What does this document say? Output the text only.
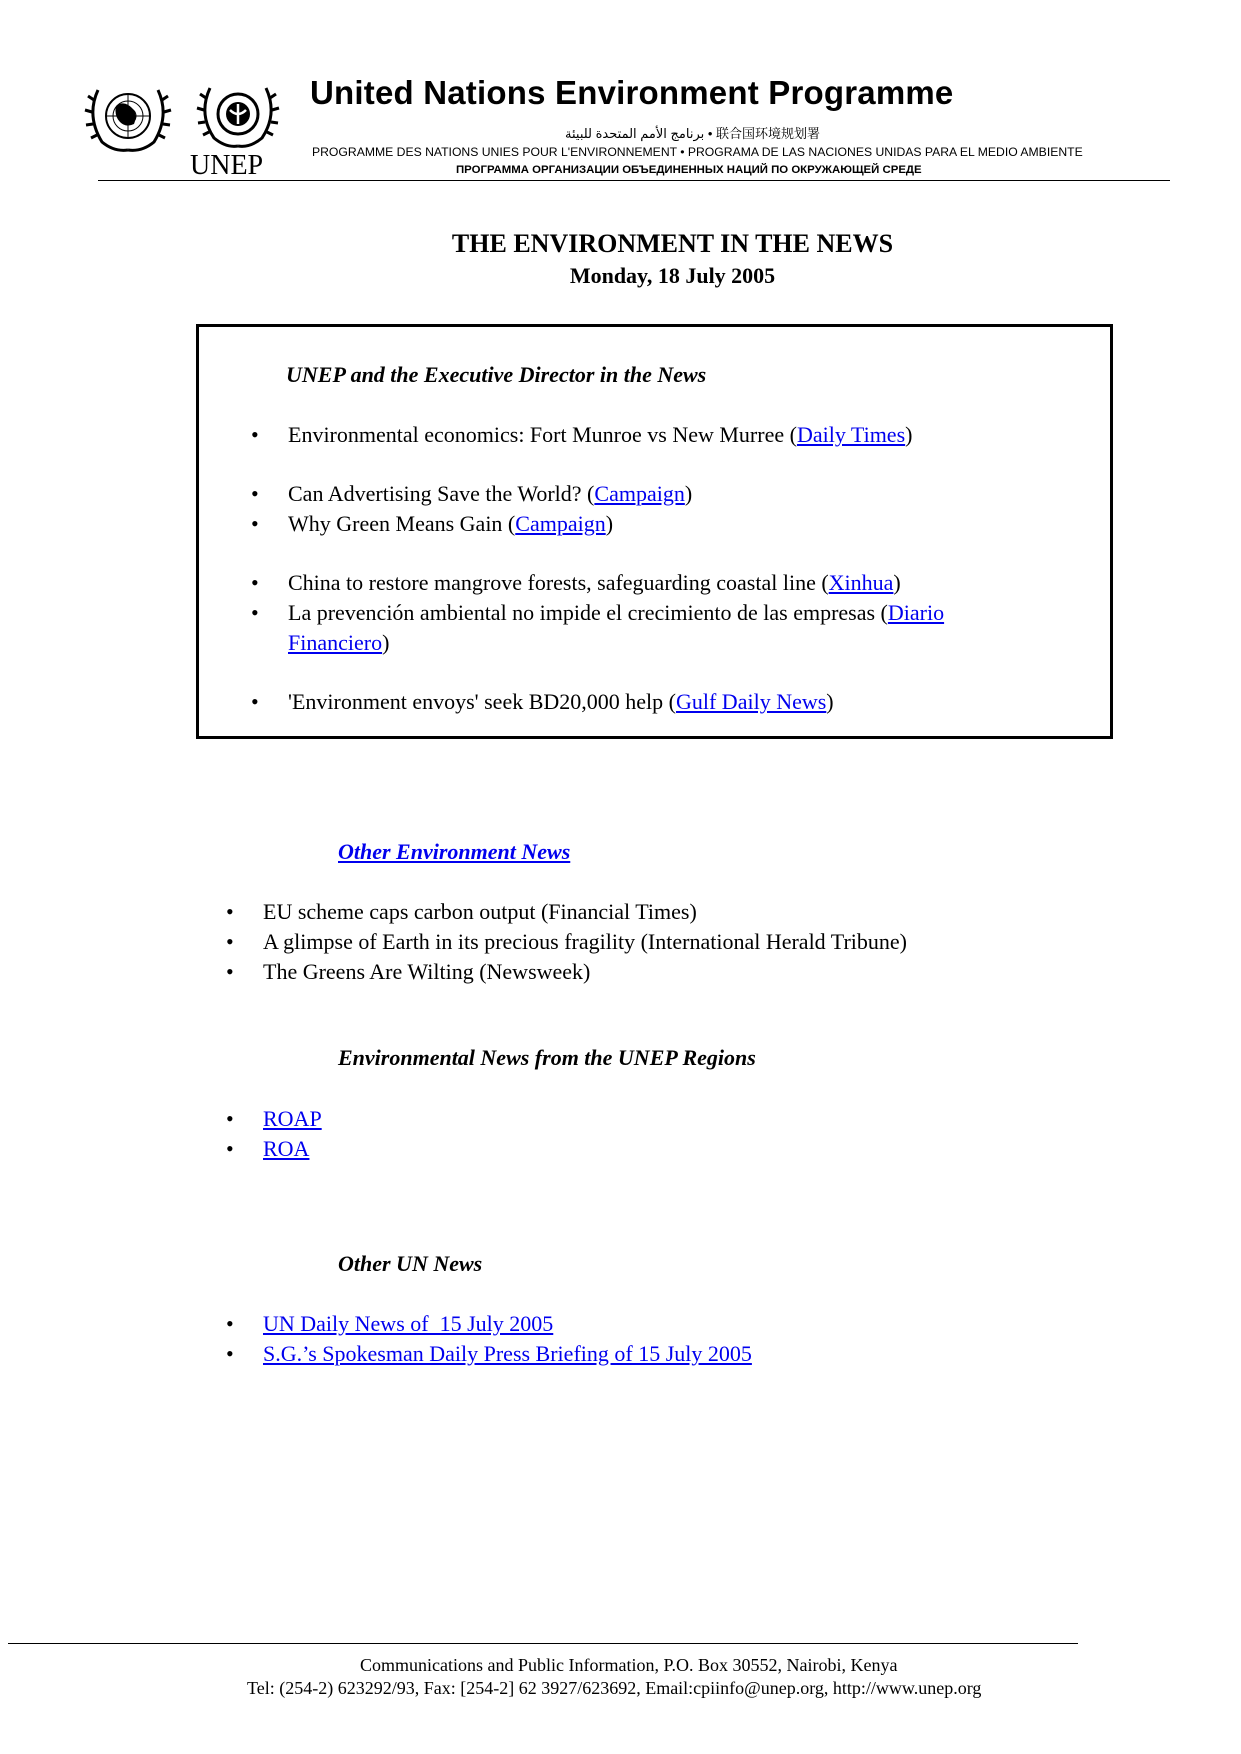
UNEP
United Nations Environment Programme
برنامج الأمم المتحدة للبيئة • 联合国环境规划署
PROGRAMME DES NATIONS UNIES POUR L'ENVIRONNEMENT • PROGRAMA DE LAS NACIONES UNIDAS PARA EL MEDIO AMBIENTE
ПРОГРАММА ОРГАНИЗАЦИИ ОБЪЕДИНЕННЫХ НАЦИЙ ПО ОКРУЖАЮЩЕЙ СРЕДЕ
THE ENVIRONMENT IN THE NEWS
Monday, 18 July 2005
UNEP and the Executive Director in the News
• Environmental economics: Fort Munroe vs New Murree (Daily Times)
• Can Advertising Save the World? (Campaign)
• Why Green Means Gain (Campaign)
• China to restore mangrove forests, safeguarding coastal line (Xinhua)
• La prevención ambiental no impide el crecimiento de las empresas (Diario
Financiero)
• 'Environment envoys' seek BD20,000 help (Gulf Daily News)
Other Environment News
• EU scheme caps carbon output (Financial Times)
• A glimpse of Earth in its precious fragility (International Herald Tribune)
• The Greens Are Wilting (Newsweek)
Environmental News from the UNEP Regions
• ROAP
• ROA
Other UN News
• UN Daily News of  15 July 2005
• S.G.’s Spokesman Daily Press Briefing of 15 July 2005
Communications and Public Information, P.O. Box 30552, Nairobi, Kenya
Tel: (254-2) 623292/93, Fax: [254-2] 62 3927/623692, Email:cpiinfo@unep.org, http://www.unep.org
